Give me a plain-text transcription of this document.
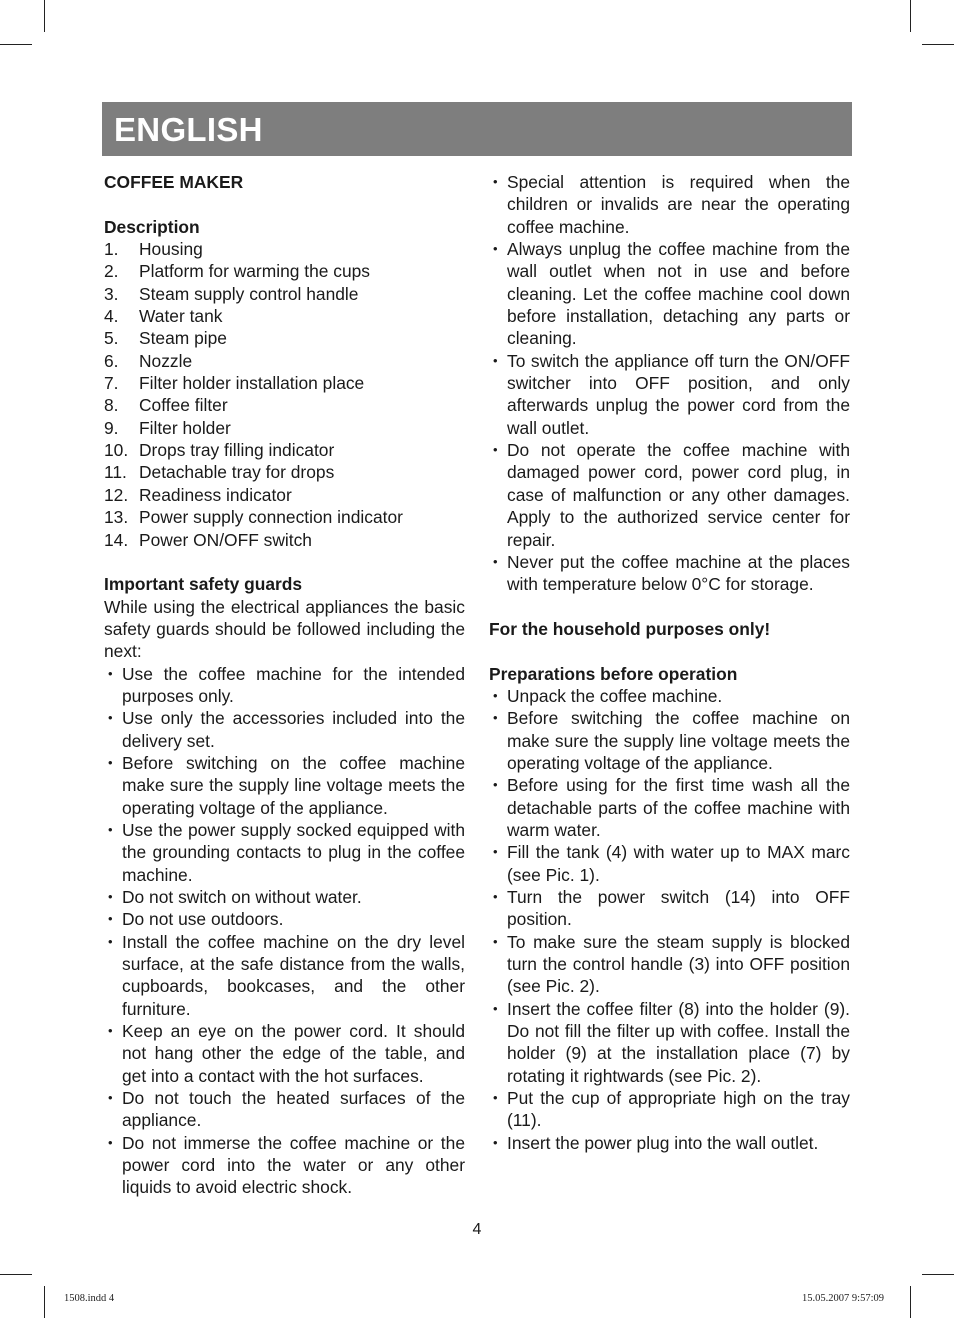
ENGLISH
COFFEE MAKER
Description
1.	Housing
2.	Platform for warming the cups
3.	Steam supply control handle
4.	Water tank
5.	Steam pipe
6.	Nozzle
7.	Filter holder installation place
8.	Coffee filter
9.	Filter holder
10. Drops tray filling indicator
11. Detachable tray for drops
12. Readiness indicator
13. Power supply connection indicator
14. Power ON/OFF switch
Important safety guards
While using the electrical appliances the basic safety guards should be followed including the next:
• Use the coffee machine for the intended purposes only.
• Use only the accessories included into the delivery set.
• Before switching on the coffee machine make sure the supply line voltage meets the operating voltage of the appliance.
• Use the power supply socked equipped with the grounding contacts to plug in the coffee machine.
• Do not switch on without water.
• Do not use outdoors.
• Install the coffee machine on the dry level surface, at the safe distance from the walls, cupboards, bookcases, and the other furniture.
• Keep an eye on the power cord. It should not hang other the edge of the table, and get into a contact with the hot surfaces.
• Do not touch the heated surfaces of the appliance.
• Do not immerse the coffee machine or the power cord into the water or any other liquids to avoid electric shock.
• Special attention is required when the children or invalids are near the operating coffee machine.
• Always unplug the coffee machine from the wall outlet when not in use and before cleaning. Let the coffee machine cool down before installation, detaching any parts or cleaning.
• To switch the appliance off turn the ON/OFF switcher into OFF position, and only afterwards unplug the power cord from the wall outlet.
• Do not operate the coffee machine with damaged power cord, power cord plug, in case of malfunction or any other damages. Apply to the authorized service center for repair.
• Never put the coffee machine at the places with temperature below 0°C for storage.
For the household purposes only!
Preparations before operation
• Unpack the coffee machine.
• Before switching the coffee machine on make sure the supply line voltage meets the operating voltage of the appliance.
• Before using for the first time wash all the detachable parts of the coffee machine with warm water.
• Fill the tank (4) with water up to MAX marc (see Pic. 1).
• Turn the power switch (14) into OFF position.
• To make sure the steam supply is blocked turn the control handle (3) into OFF position (see Pic. 2).
• Insert the coffee filter (8) into the holder (9). Do not fill the filter up with coffee. Install the holder (9) at the installation place (7) by rotating it rightwards (see Pic. 2).
• Put the cup of appropriate high on the tray (11).
• Insert the power plug into the wall outlet.
4
1508.indd 4	15.05.2007 9:57:09
